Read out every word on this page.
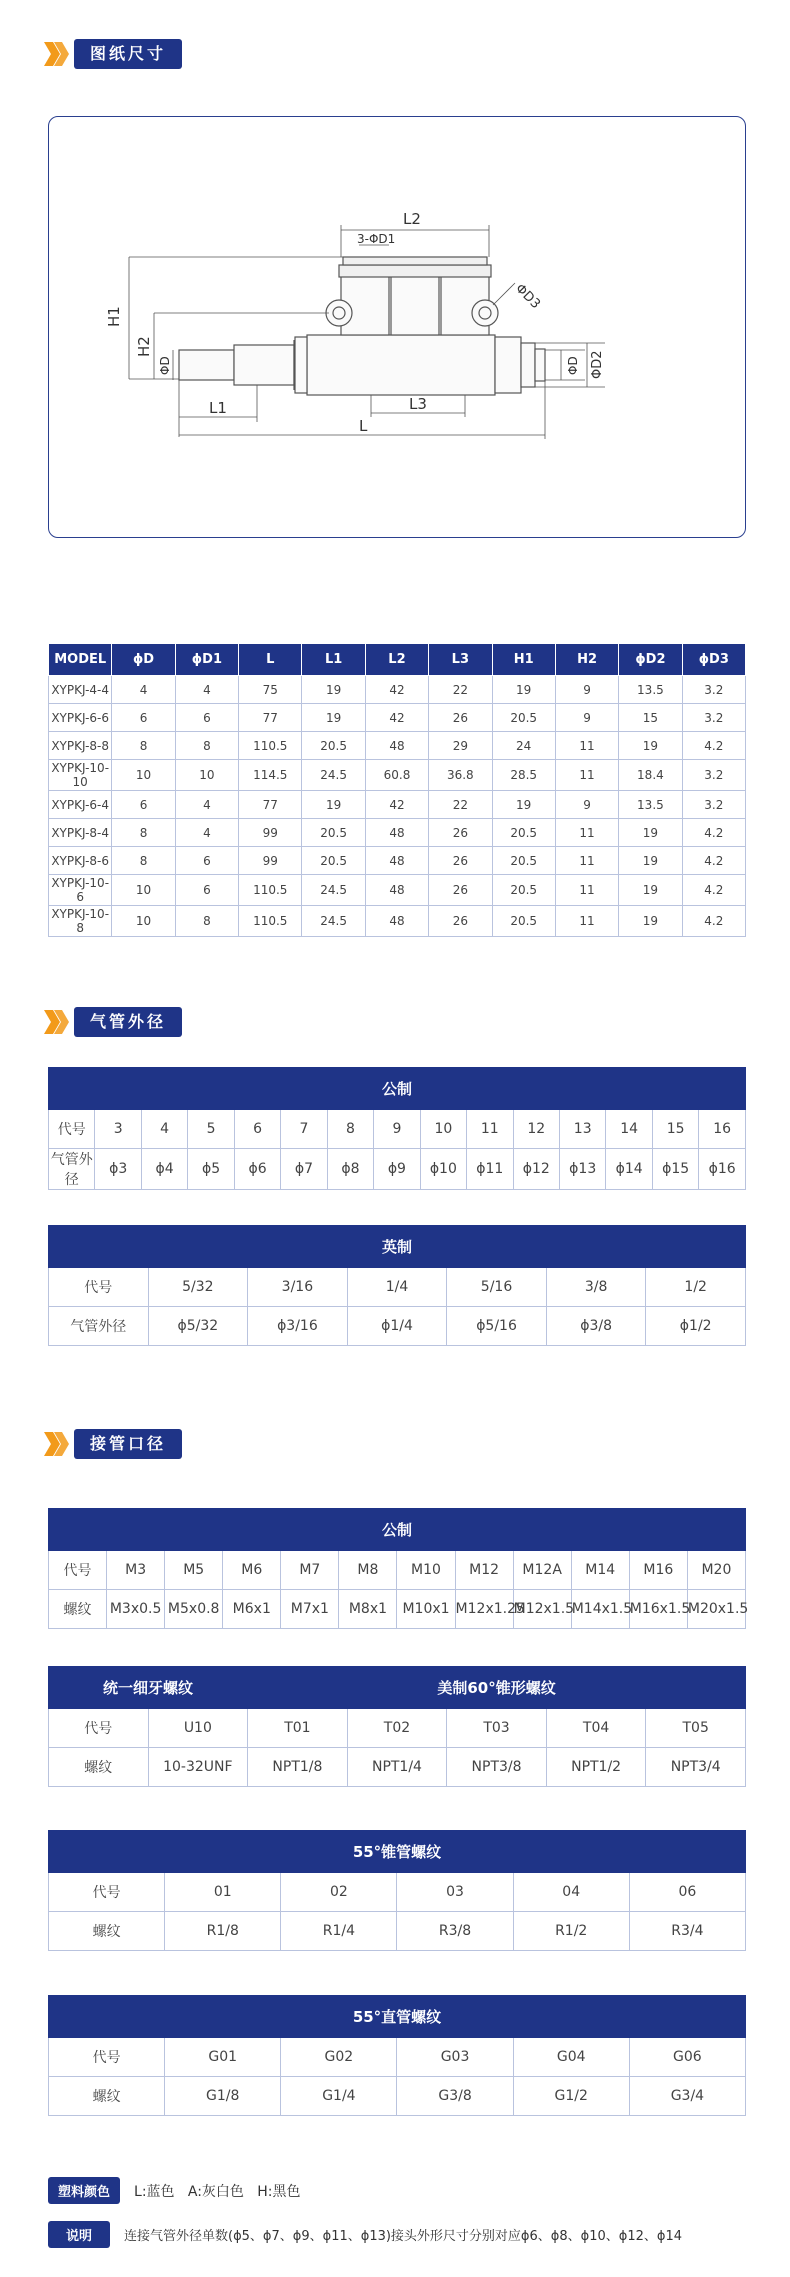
图纸尺寸
L2
3-ΦD1
ΦD3
H1
H2
ΦD	ΦD2
ΦD
L1	L3
L
MODEL	ϕD	ϕD1	L	L1	L2	L3	H1	H2	ϕD2	ϕD3
XYPKJ-4-4	4	4	75	19	42	22	19	9	13.5	3.2
XYPKJ-6-6	6	6	77	19	42	26	20.5	9	15	3.2
XYPKJ-8-8	8	8	110.5	20.5	48	29	24	11	19	4.2
XYPKJ-10-10	10	10	114.5	24.5	60.8	36.8	28.5	11	18.4	3.2
XYPKJ-6-4	6	4	77	19	42	22	19	9	13.5	3.2
XYPKJ-8-4	8	4	99	20.5	48	26	20.5	11	19	4.2
XYPKJ-8-6	8	6	99	20.5	48	26	20.5	11	19	4.2
XYPKJ-10-6	10	6	110.5	24.5	48	26	20.5	11	19	4.2
XYPKJ-10-8	10	8	110.5	24.5	48	26	20.5	11	19	4.2
气管外径
公制														
代号	3	4	5	6	7	8	9	10	11	12	13	14	15	16
气管外径	ϕ3	ϕ4	ϕ5	ϕ6	ϕ7	ϕ8	ϕ9	ϕ10	ϕ11	ϕ12	ϕ13	ϕ14	ϕ15	ϕ16
英制						
代号	5/32	3/16	1/4	5/16	3/8	1/2
气管外径	ϕ5/32	ϕ3/16	ϕ1/4	ϕ5/16	ϕ3/8	ϕ1/2
接管口径
公制											
代号	M3	M5	M6	M7	M8	M10	M12	M12A	M14	M16	M20
螺纹	M3x0.5	M5x0.8	M6x1	M7x1	M8x1	M10x1	M12x1.25	M12x1.5	M14x1.5	M16x1.5	M20x1.5
统一细牙螺纹		美制60°锥形螺纹				
代号	U10	T01	T02	T03	T04	T05
螺纹	10-32UNF	NPT1/8	NPT1/4	NPT3/8	NPT1/2	NPT3/4
55°锥管螺纹					
代号	01	02	03	04	06
螺纹	R1/8	R1/4	R3/8	R1/2	R3/4
55°直管螺纹					
代号	G01	G02	G03	G04	G06
螺纹	G1/8	G1/4	G3/8	G1/2	G3/4
塑料颜色	L:蓝色   A:灰白色   H:黑色
说明	连接气管外径单数(ϕ5、ϕ7、ϕ9、ϕ11、ϕ13)接头外形尺寸分别对应ϕ6、ϕ8、ϕ10、ϕ12、ϕ14
